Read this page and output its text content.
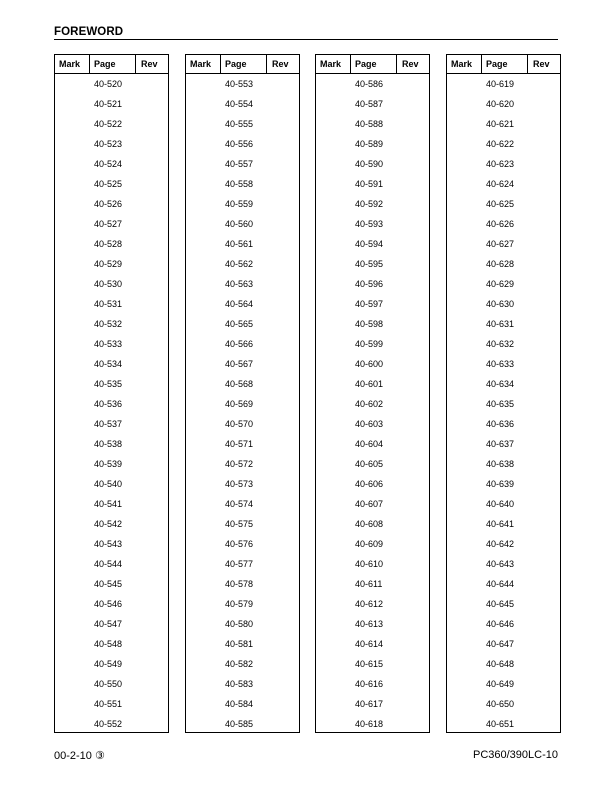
FOREWORD
Mark Page	Rev
40-520
40-521
40-522
40-523
40-524
40-525
40-526
40-527
40-528
40-529
40-530
40-531
40-532
40-533
40-534
40-535
40-536
40-537
40-538
40-539
40-540
40-541
40-542
40-543
40-544
40-545
40-546
40-547
40-548
40-549
40-550
40-551
40-552
Mark Page	Rev
40-553
40-554
40-555
40-556
40-557
40-558
40-559
40-560
40-561
40-562
40-563
40-564
40-565
40-566
40-567
40-568
40-569
40-570
40-571
40-572
40-573
40-574
40-575
40-576
40-577
40-578
40-579
40-580
40-581
40-582
40-583
40-584
40-585
Mark Page	Rev
40-586
40-587
40-588
40-589
40-590
40-591
40-592
40-593
40-594
40-595
40-596
40-597
40-598
40-599
40-600
40-601
40-602
40-603
40-604
40-605
40-606
40-607
40-608
40-609
40-610
40-611
40-612
40-613
40-614
40-615
40-616
40-617
40-618
Mark Page	Rev
40-619
40-620
40-621
40-622
40-623
40-624
40-625
40-626
40-627
40-628
40-629
40-630
40-631
40-632
40-633
40-634
40-635
40-636
40-637
40-638
40-639
40-640
40-641
40-642
40-643
40-644
40-645
40-646
40-647
40-648
40-649
40-650
40-651
00-2-10 ③	PC360/390LC-10
